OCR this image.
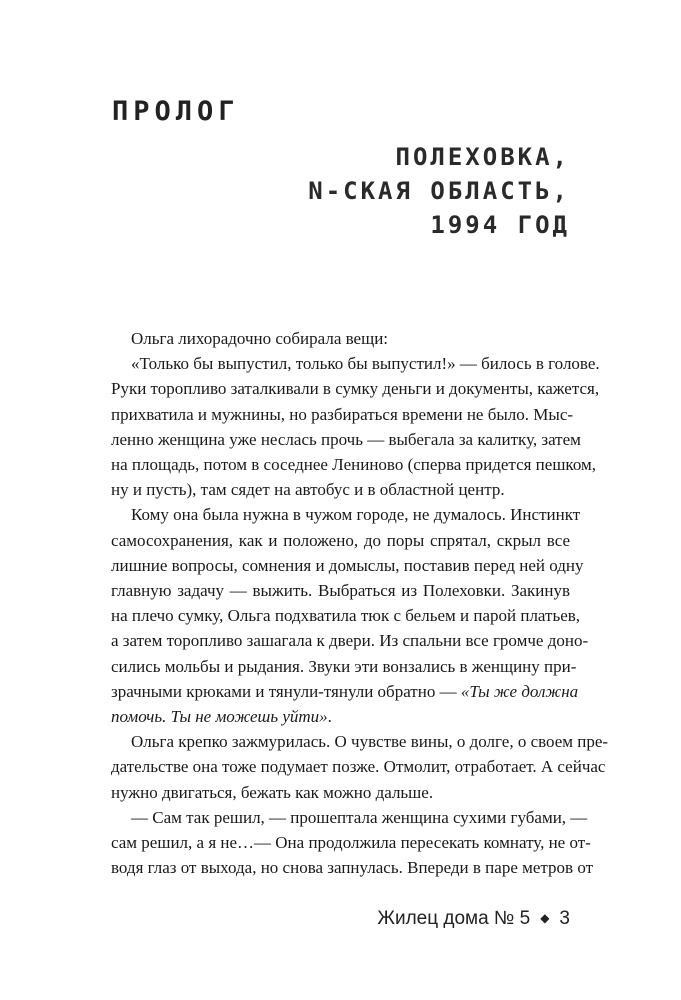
ПРОЛОГ
ПОЛЕХОВКА,
N-СКАЯ ОБЛАСТЬ,
1994 ГОД
Ольга лихорадочно собирала вещи:
«Только бы выпустил, только бы выпустил!» — билось в голове.
Руки торопливо заталкивали в сумку деньги и документы, кажется,
прихватила и мужнины, но разбираться времени не было. Мыс-
ленно женщина уже неслась прочь — выбегала за калитку, затем
на площадь, потом в соседнее Лениново (сперва придется пешком,
ну и пусть), там сядет на автобус и в областной центр.
Кому она была нужна в чужом городе, не думалось. Инстинкт
самосохранения, как и положено, до поры спрятал, скрыл все
лишние вопросы, сомнения и домыслы, поставив перед ней одну
главную задачу — выжить. Выбраться из Полеховки. Закинув
на плечо сумку, Ольга подхватила тюк с бельем и парой платьев,
а затем торопливо зашагала к двери. Из спальни все громче доно-
сились мольбы и рыдания. Звуки эти вонзались в женщину при-
зрачными крюками и тянули-тянули обратно — «Ты же должна
помочь. Ты не можешь уйти».
Ольга крепко зажмурилась. О чувстве вины, о долге, о своем пре-
дательстве она тоже подумает позже. Отмолит, отработает. А сейчас
нужно двигаться, бежать как можно дальше.
— Сам так решил, — прошептала женщина сухими губами, —
сам решил, а я не…— Она продолжила пересекать комнату, не от-
водя глаз от выхода, но снова запнулась. Впереди в паре метров от
Жилец дома № 5 ◆ 3
